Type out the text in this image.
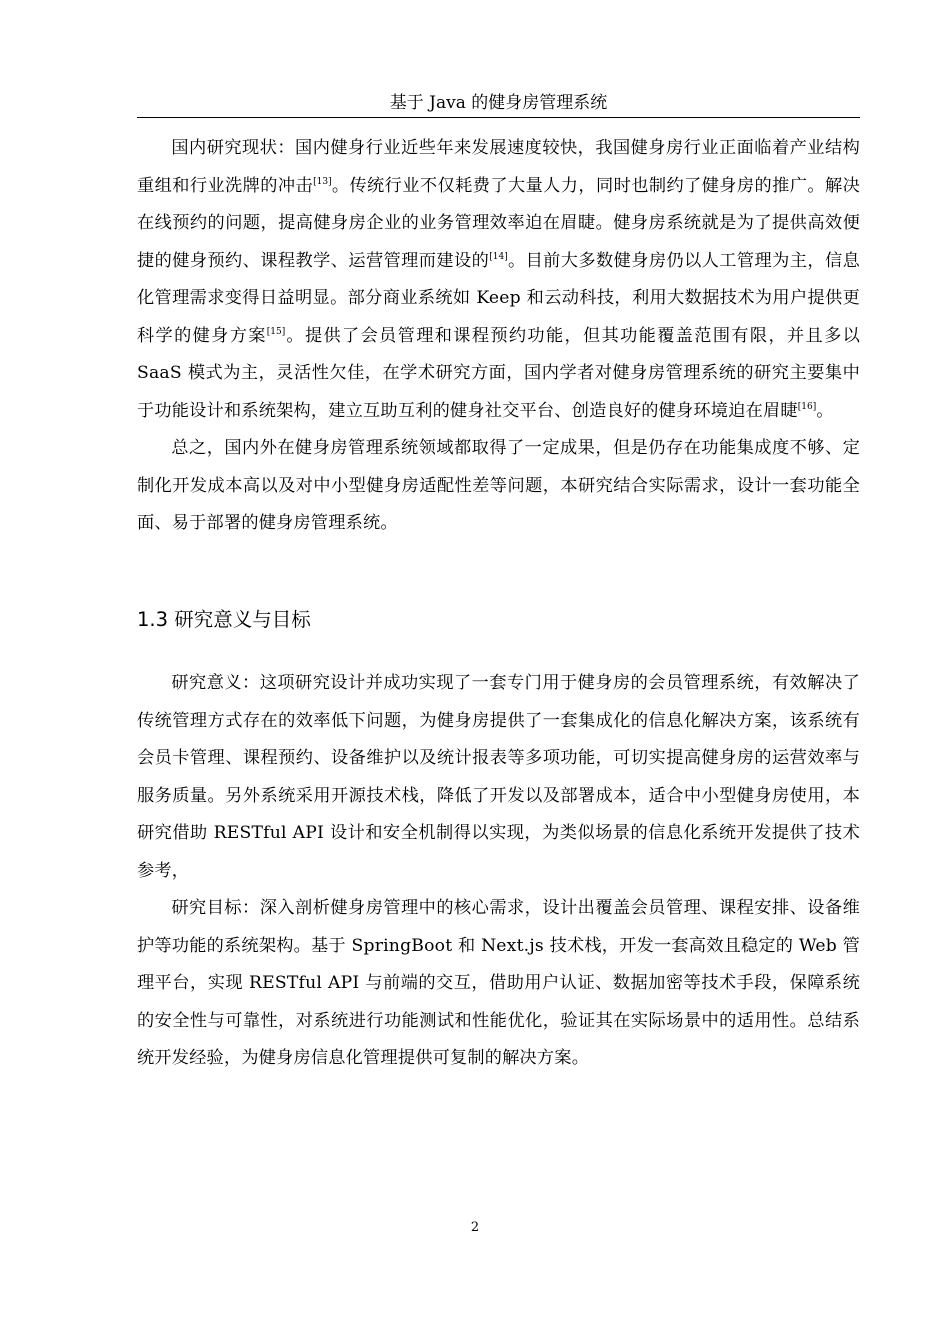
基于 Java 的健身房管理系统

国内研究现状：国内健身行业近些年来发展速度较快，我国健身房行业正面临着产业结构重组和行业洗牌的冲击[13]。传统行业不仅耗费了大量人力，同时也制约了健身房的推广。解决在线预约的问题，提高健身房企业的业务管理效率迫在眉睫。健身房系统就是为了提供高效便捷的健身预约、课程教学、运营管理而建设的[14]。目前大多数健身房仍以人工管理为主，信息化管理需求变得日益明显。部分商业系统如 Keep 和云动科技，利用大数据技术为用户提供更科学的健身方案[15]。提供了会员管理和课程预约功能，但其功能覆盖范围有限，并且多以 SaaS 模式为主，灵活性欠佳，在学术研究方面，国内学者对健身房管理系统的研究主要集中于功能设计和系统架构，建立互助互利的健身社交平台、创造良好的健身环境迫在眉睫[16]。

总之，国内外在健身房管理系统领域都取得了一定成果，但是仍存在功能集成度不够、定制化开发成本高以及对中小型健身房适配性差等问题，本研究结合实际需求，设计一套功能全面、易于部署的健身房管理系统。

1.3 研究意义与目标

研究意义：这项研究设计并成功实现了一套专门用于健身房的会员管理系统，有效解决了传统管理方式存在的效率低下问题，为健身房提供了一套集成化的信息化解决方案，该系统有会员卡管理、课程预约、设备维护以及统计报表等多项功能，可切实提高健身房的运营效率与服务质量。另外系统采用开源技术栈，降低了开发以及部署成本，适合中小型健身房使用，本研究借助 RESTful API 设计和安全机制得以实现，为类似场景的信息化系统开发提供了技术参考，

研究目标：深入剖析健身房管理中的核心需求，设计出覆盖会员管理、课程安排、设备维护等功能的系统架构。基于 SpringBoot 和 Next.js 技术栈，开发一套高效且稳定的 Web 管理平台，实现 RESTful API 与前端的交互，借助用户认证、数据加密等技术手段，保障系统的安全性与可靠性，对系统进行功能测试和性能优化，验证其在实际场景中的适用性。总结系统开发经验，为健身房信息化管理提供可复制的解决方案。

2
